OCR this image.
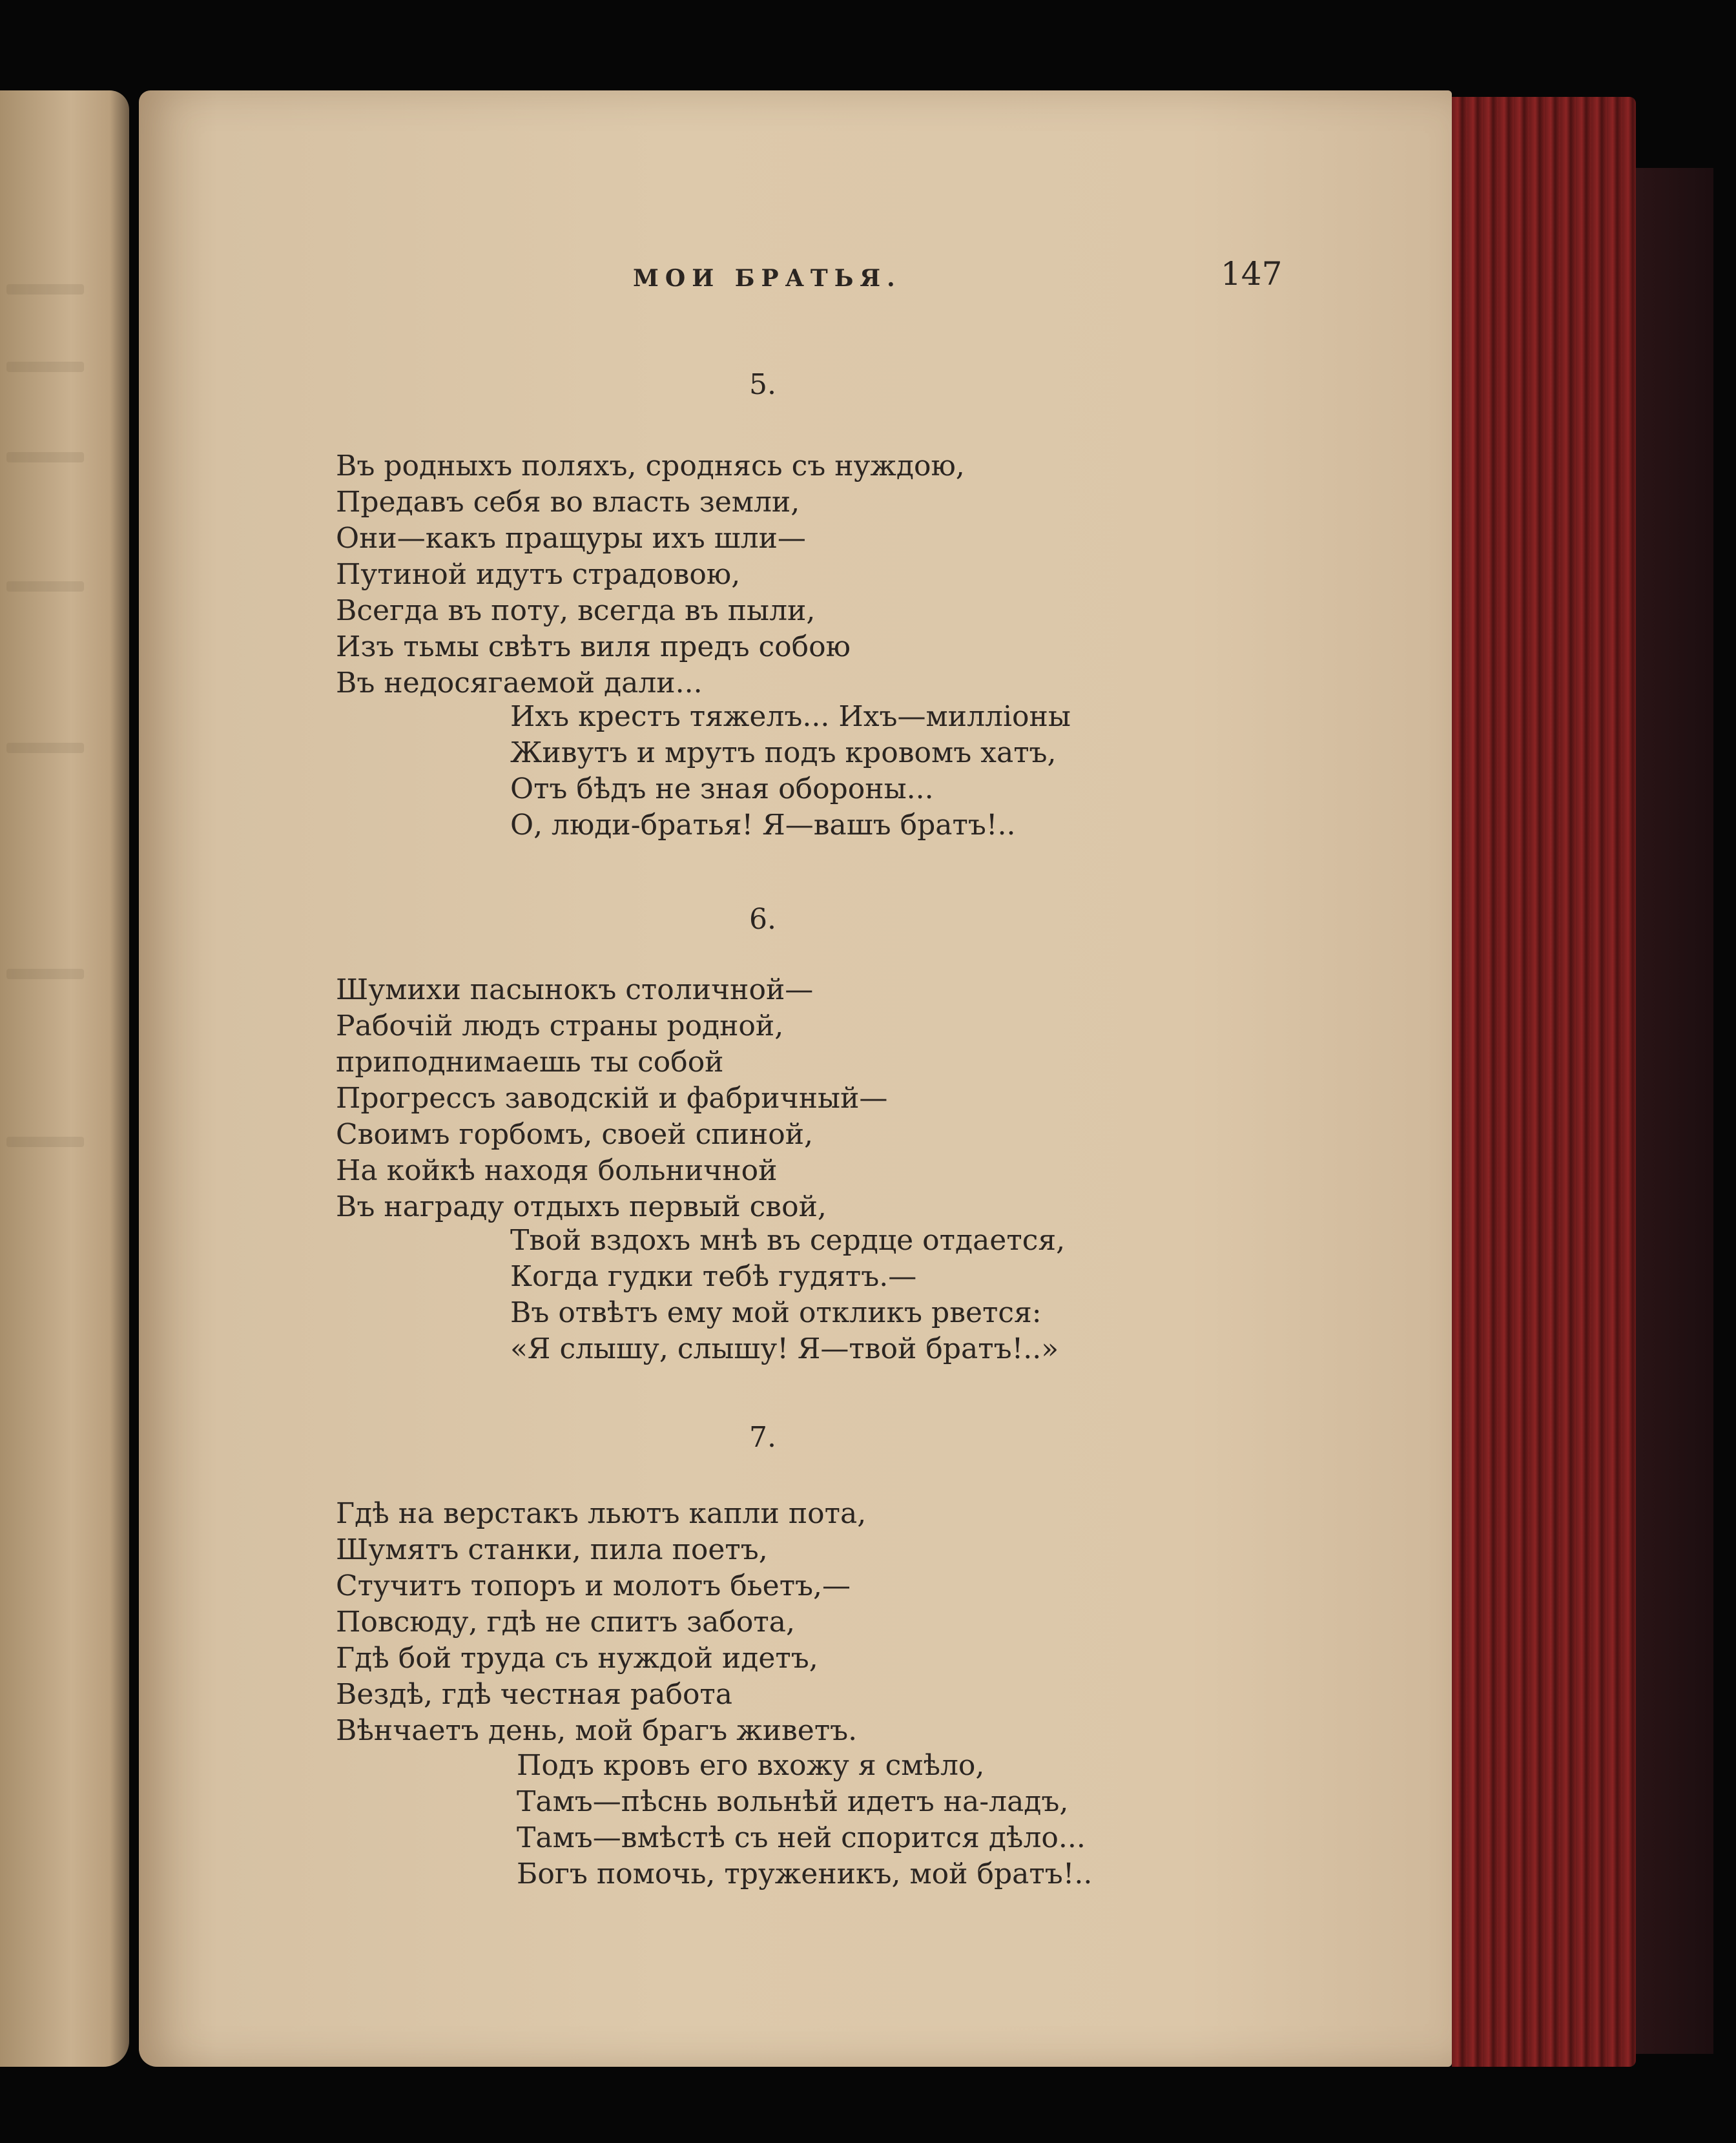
МОИ БРАТЬЯ.	147
5.
Въ родныхъ поляхъ, сроднясь съ нуждою,
Предавъ себя во власть земли,
Они—какъ пращуры ихъ шли—
Путиной идутъ страдовою,
Всегда въ поту, всегда въ пыли,
Изъ тьмы свѣтъ виля предъ собою
Въ недосягаемой дали...
Ихъ крестъ тяжелъ... Ихъ—милліоны
Живутъ и мрутъ подъ кровомъ хатъ,
Отъ бѣдъ не зная обороны...
О, люди-братья! Я—вашъ братъ!..
6.
Шумихи пасынокъ столичной—
Рабочій людъ страны родной,
приподнимаешь ты собой
Прогрессъ заводскій и фабричный—
Своимъ горбомъ, своей спиной,
На койкѣ находя больничной
Въ награду отдыхъ первый свой,
Твой вздохъ мнѣ въ сердце отдается,
Когда гудки тебѣ гудятъ.—
Въ отвѣтъ ему мой откликъ рвется:
«Я слышу, слышу! Я—твой братъ!..»
7.
Гдѣ на верстакъ льютъ капли пота,
Шумятъ станки, пила поетъ,
Стучитъ топоръ и молотъ бьетъ,—
Повсюду, гдѣ не спитъ забота,
Гдѣ бой труда съ нуждой идетъ,
Вездѣ, гдѣ честная работа
Вѣнчаетъ день, мой брагъ живетъ.
Подъ кровъ его вхожу я смѣло,
Тамъ—пѣснь вольнѣй идетъ на-ладъ,
Тамъ—вмѣстѣ съ ней спорится дѣло...
Богъ помочь, труженикъ, мой братъ!..
